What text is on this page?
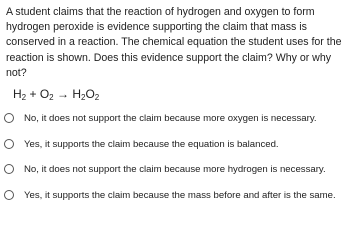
A student claims that the reaction of hydrogen and oxygen to form hydrogen peroxide is evidence supporting the claim that mass is conserved in a reaction. The chemical equation the student uses for the reaction is shown. Does this evidence support the claim? Why or why not?
$H_2 + O_2 \to H_2O_2$
No, it does not support the claim because more oxygen is necessary.
Yes, it supports the claim because the equation is balanced.
No, it does not support the claim because more hydrogen is necessary.
Yes, it supports the claim because the mass before and after is the same.
